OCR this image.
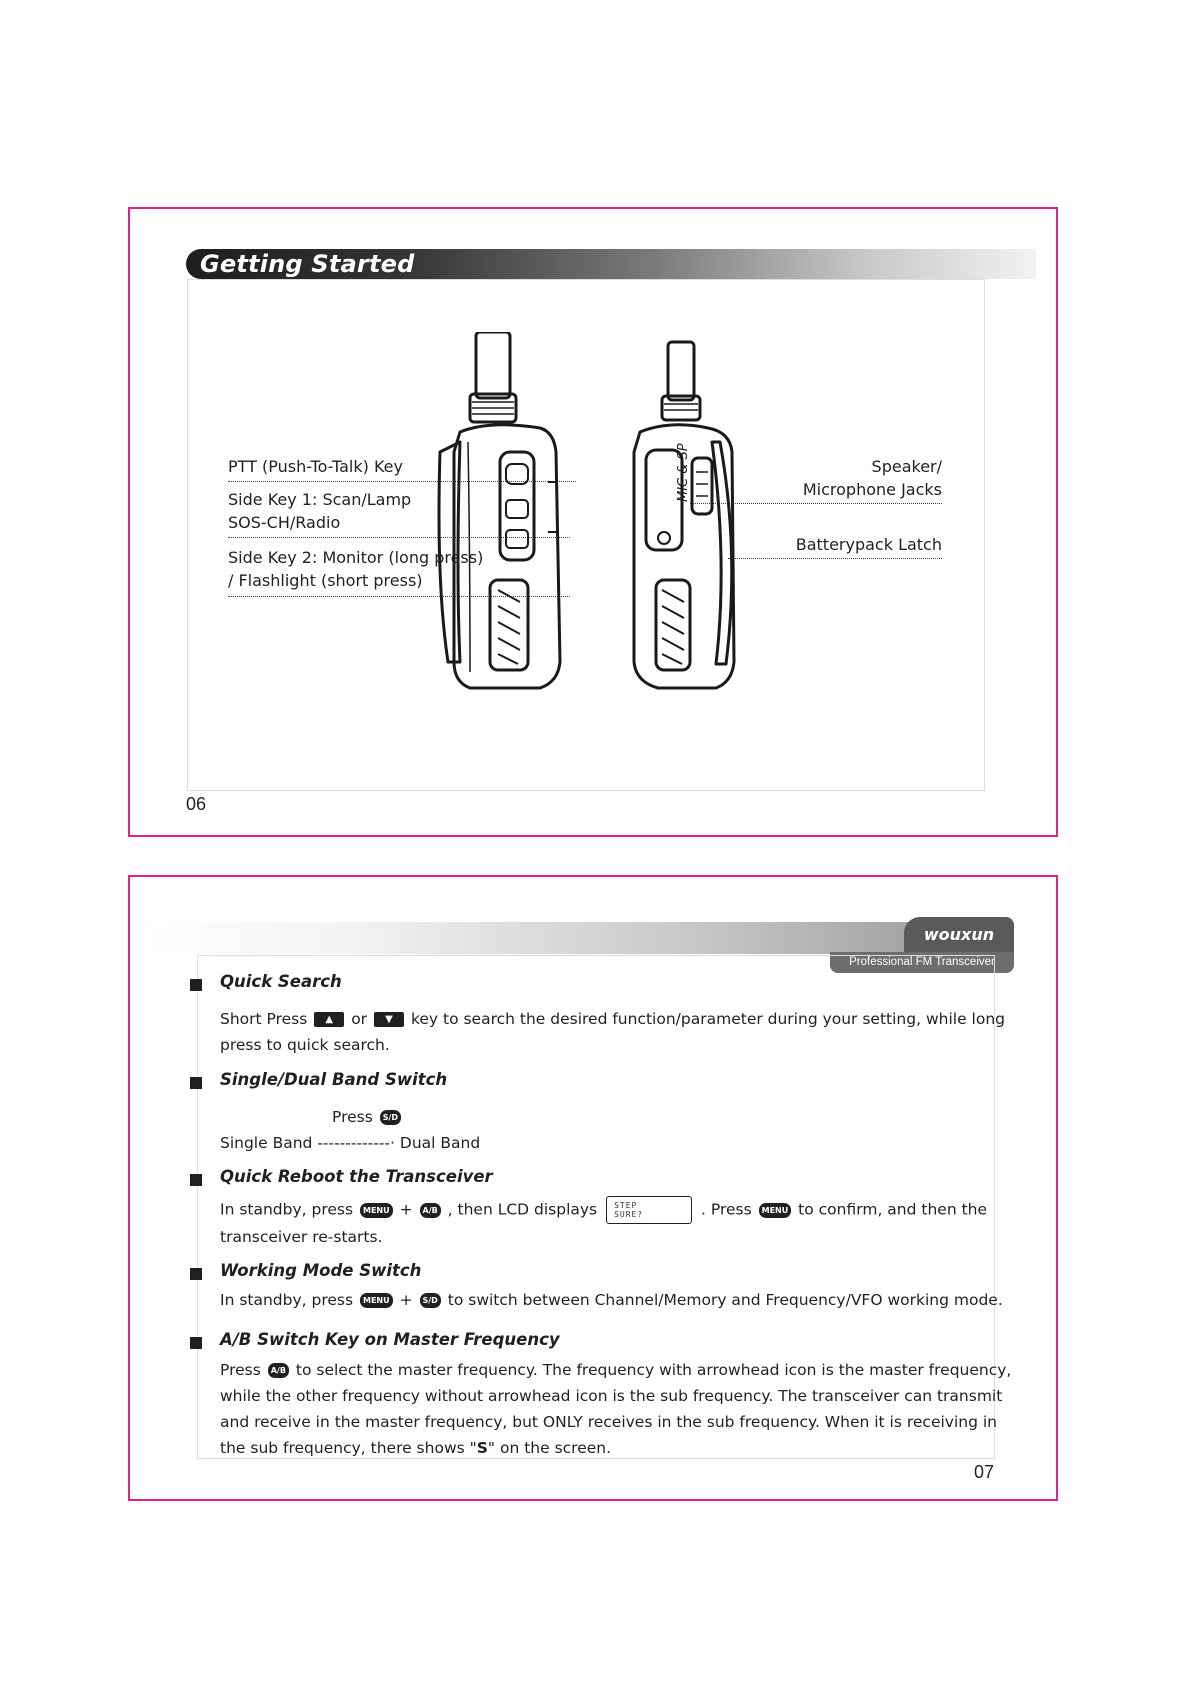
Getting Started
PTT (Push-To-Talk) Key
Side Key 1: Scan/Lamp
SOS-CH/Radio
Side Key 2: Monitor (long press)
/ Flashlight (short press)
Speaker/
Microphone Jacks
Batterypack Latch
MIC & SP
06
wouxun
Professional FM Transceiver
Quick Search
Short Press ▲ or ▼ key to search the desired function/parameter during your setting, while long press to quick search.
Single/Dual Band Switch
Press S/D
Single Band -------------· Dual Band
Quick Reboot the Transceiver
In standby, press MENU + A/B , then LCD displays STEP
SURE?	. Press MENU to confirm, and then the transceiver re-starts.
Working Mode Switch
In standby, press MENU + S/D to switch between Channel/Memory and Frequency/VFO working mode.
A/B Switch Key on Master Frequency
Press A/B to select the master frequency. The frequency with arrowhead icon is the master frequency, while the other frequency without arrowhead icon is the sub frequency. The transceiver can transmit and receive in the master frequency, but ONLY receives in the sub frequency. When it is receiving in the sub frequency, there shows "S" on the screen.
07
